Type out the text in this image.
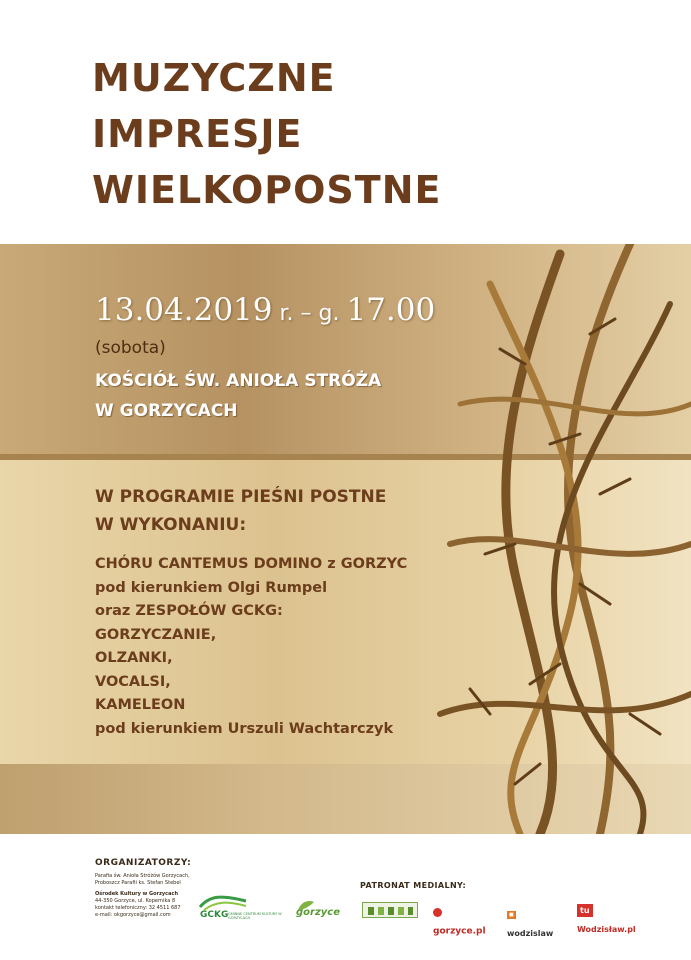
MUZYCZNE
IMPRESJE
WIELKOPOSTNE
13.04.2019 r. – g. 17.00
(sobota)
KOŚCIÓŁ ŚW. ANIOŁA STRÓŻA
W GORZYCACH
W PROGRAMIE PIEŚNI POSTNE
W WYKONANIU:
CHÓRU CANTEMUS DOMINO z GORZYC
pod kierunkiem Olgi Rumpel
oraz ZESPOŁÓW GCKG:
GORZYCZANIE,
OLZANKI,
VOCALSI,
KAMELEON
pod kierunkiem Urszuli Wachtarczyk
ORGANIZATORZY:
Parafia św. Anioła Stróżów Gorzycach,
Proboszcz Parafii ks. Stefan Stebel
Ośrodek Kultury w Gorzycach
44-350 Gorzyce, ul. Kopernika 8
kontakt telefoniczny: 32 4511 687
e-mail: okgorzyce@gmail.com	GCKG GMINNE CENTRUM KULTURY W GORZYCACH	gorzyce
PATRONAT MEDIALNY:
gorzyce.pl
■ wodzislaw
tu Wodzisław.pl
